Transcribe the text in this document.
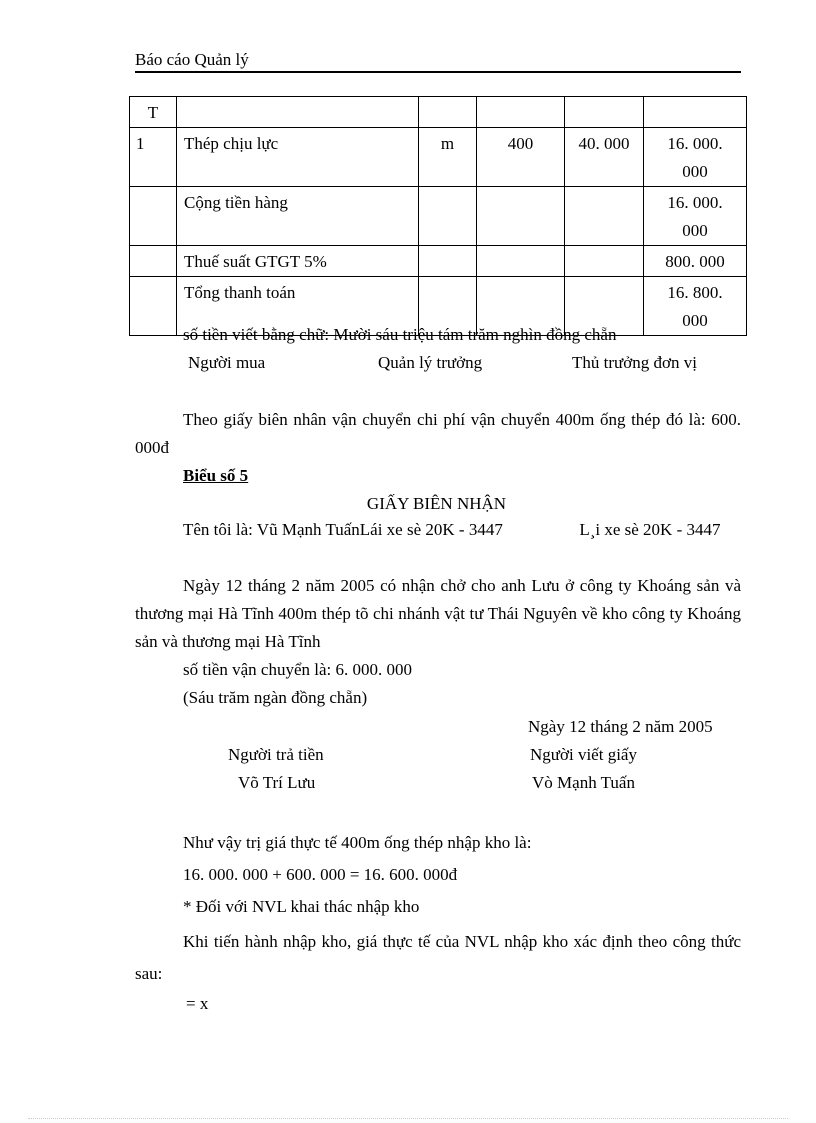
Báo cáo Quản lý
T					
1	Thép chịu lực	m	400	40. 000	16. 000.
000

	Cộng tiền hàng				16. 000.
000

	Thuế suất GTGT 5%				800. 000

	Tổng thanh toán				16. 800.
000
số tiền viết bằng chữ: Mười sáu triệu tám trăm nghìn đồng chẵn
Người mua	Quản lý trưởng	Thủ trưởng đơn vị
Theo giấy biên nhân vận chuyển chi phí vận chuyển 400m ống thép đó là: 600. 000đ
Biểu số 5
GIẤY BIÊN NHẬN
Tên tôi là: Vũ Mạnh TuấnLái xe sè 20K - 3447                  L¸i xe sè 20K - 3447
Ngày 12 tháng 2 năm 2005 có nhận chở cho anh Lưu ở công ty Khoáng sản và thương mại Hà Tĩnh 400m thép tõ chi nhánh vật tư Thái Nguyên về kho công ty Khoáng sản và thương mại Hà Tĩnh
số tiền vận chuyển là: 6. 000. 000
(Sáu trăm ngàn đồng chẵn)
Ngày 12 tháng 2 năm 2005
Người trả tiền	Người viết giấy
Võ Trí Lưu	Vò Mạnh Tuấn
Như vậy trị giá thực tế 400m ống thép nhập kho là:
16. 000. 000 + 600. 000 = 16. 600. 000đ
* Đối với NVL khai thác nhập kho
Khi tiến hành nhập kho, giá thực tế của NVL nhập kho xác định theo công thức sau:
= x
